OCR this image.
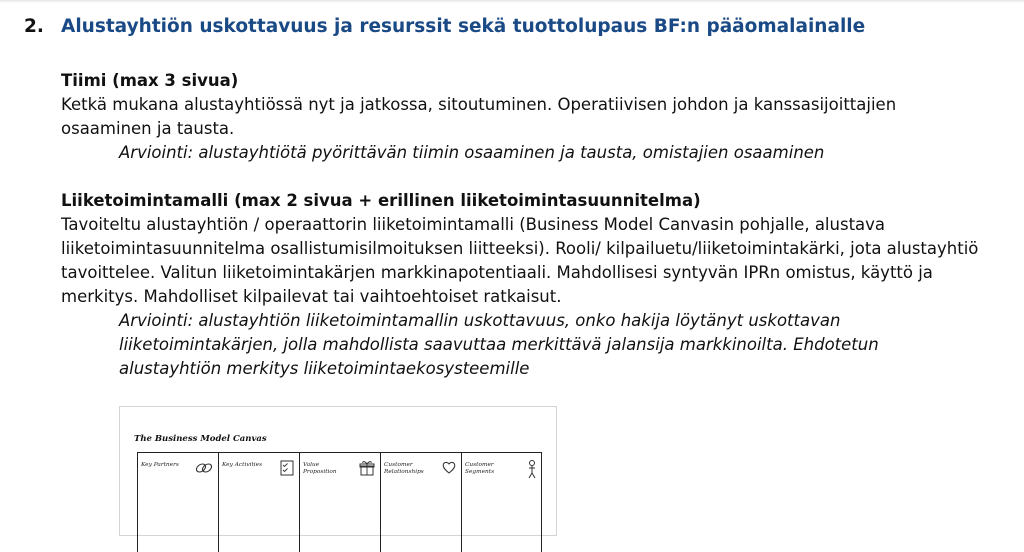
2. Alustayhtiön uskottavuus ja resurssit sekä tuottolupaus BF:n pääomalainalle
Tiimi (max 3 sivua)
Ketkä mukana alustayhtiössä nyt ja jatkossa, sitoutuminen. Operatiivisen johdon ja kanssasijoittajien osaaminen ja tausta.
Arviointi: alustayhtiötä pyörittävän tiimin osaaminen ja tausta, omistajien osaaminen
Liiketoimintamalli (max 2 sivua + erillinen liiketoimintasuunnitelma)
Tavoiteltu alustayhtiön / operaattorin liiketoimintamalli (Business Model Canvasin pohjalle, alustava liiketoimintasuunnitelma osallistumisilmoituksen liitteeksi). Rooli/ kilpailuetu/liiketoimintakärki, jota alustayhtiö tavoittelee. Valitun liiketoimintakärjen markkinapotentiaali. Mahdollisesi syntyvän IPRn omistus, käyttö ja merkitys. Mahdolliset kilpailevat tai vaihtoehtoiset ratkaisut.
Arviointi: alustayhtiön liiketoimintamallin uskottavuus, onko hakija löytänyt uskottavan liiketoimintakärjen, jolla mahdollista saavuttaa merkittävä jalansija markkinoilta. Ehdotetun alustayhtiön merkitys liiketoimintaekosysteemille
The Business Model Canvas
Key Partners	Key Activities	Value Proposition
Customer Relationships
Customer Segments
